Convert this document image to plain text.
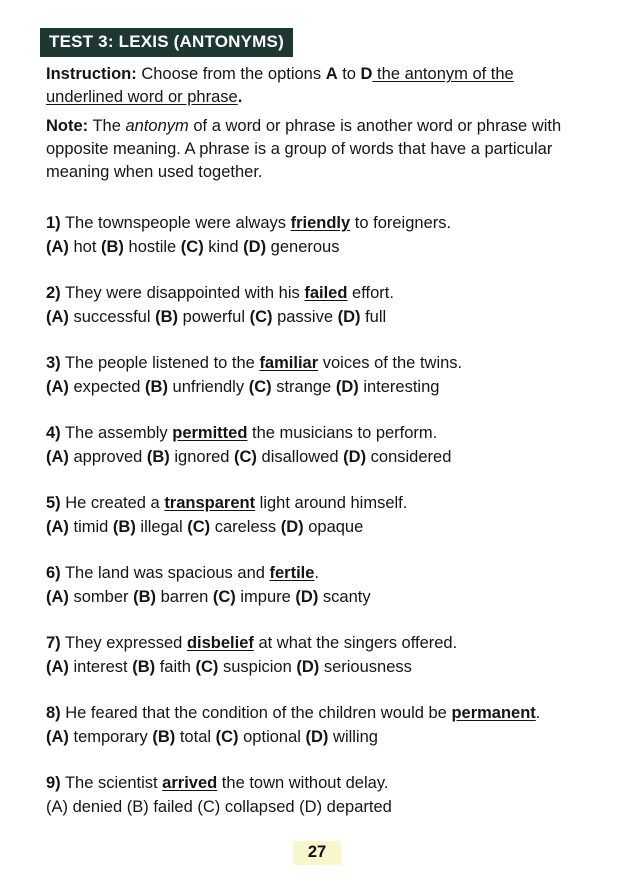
TEST 3: LEXIS (ANTONYMS)
Instruction: Choose from the options A to D the antonym of the
underlined word or phrase.
Note: The antonym of a word or phrase is another word or phrase with
opposite meaning. A phrase is a group of words that have a particular
meaning when used together.

1) The townspeople were always friendly to foreigners.

(A) hot (B) hostile (C) kind (D) generous

2) They were disappointed with his failed effort.

(A) successful (B) powerful (C) passive (D) full

3) The people listened to the familiar voices of the twins.

(A) expected (B) unfriendly (C) strange (D) interesting

4) The assembly permitted the musicians to perform.

(A) approved (B) ignored (C) disallowed (D) considered

5) He created a transparent light around himself.

(A) timid (B) illegal (C) careless (D) opaque

6) The land was spacious and fertile.

(A) somber (B) barren (C) impure (D) scanty

7) They expressed disbelief at what the singers offered.

(A) interest (B) faith (C) suspicion (D) seriousness

8) He feared that the condition of the children would be permanent.

(A) temporary (B) total (C) optional (D) willing

9) The scientist arrived the town without delay.

(A) denied (B) failed (C) collapsed (D) departed

27
